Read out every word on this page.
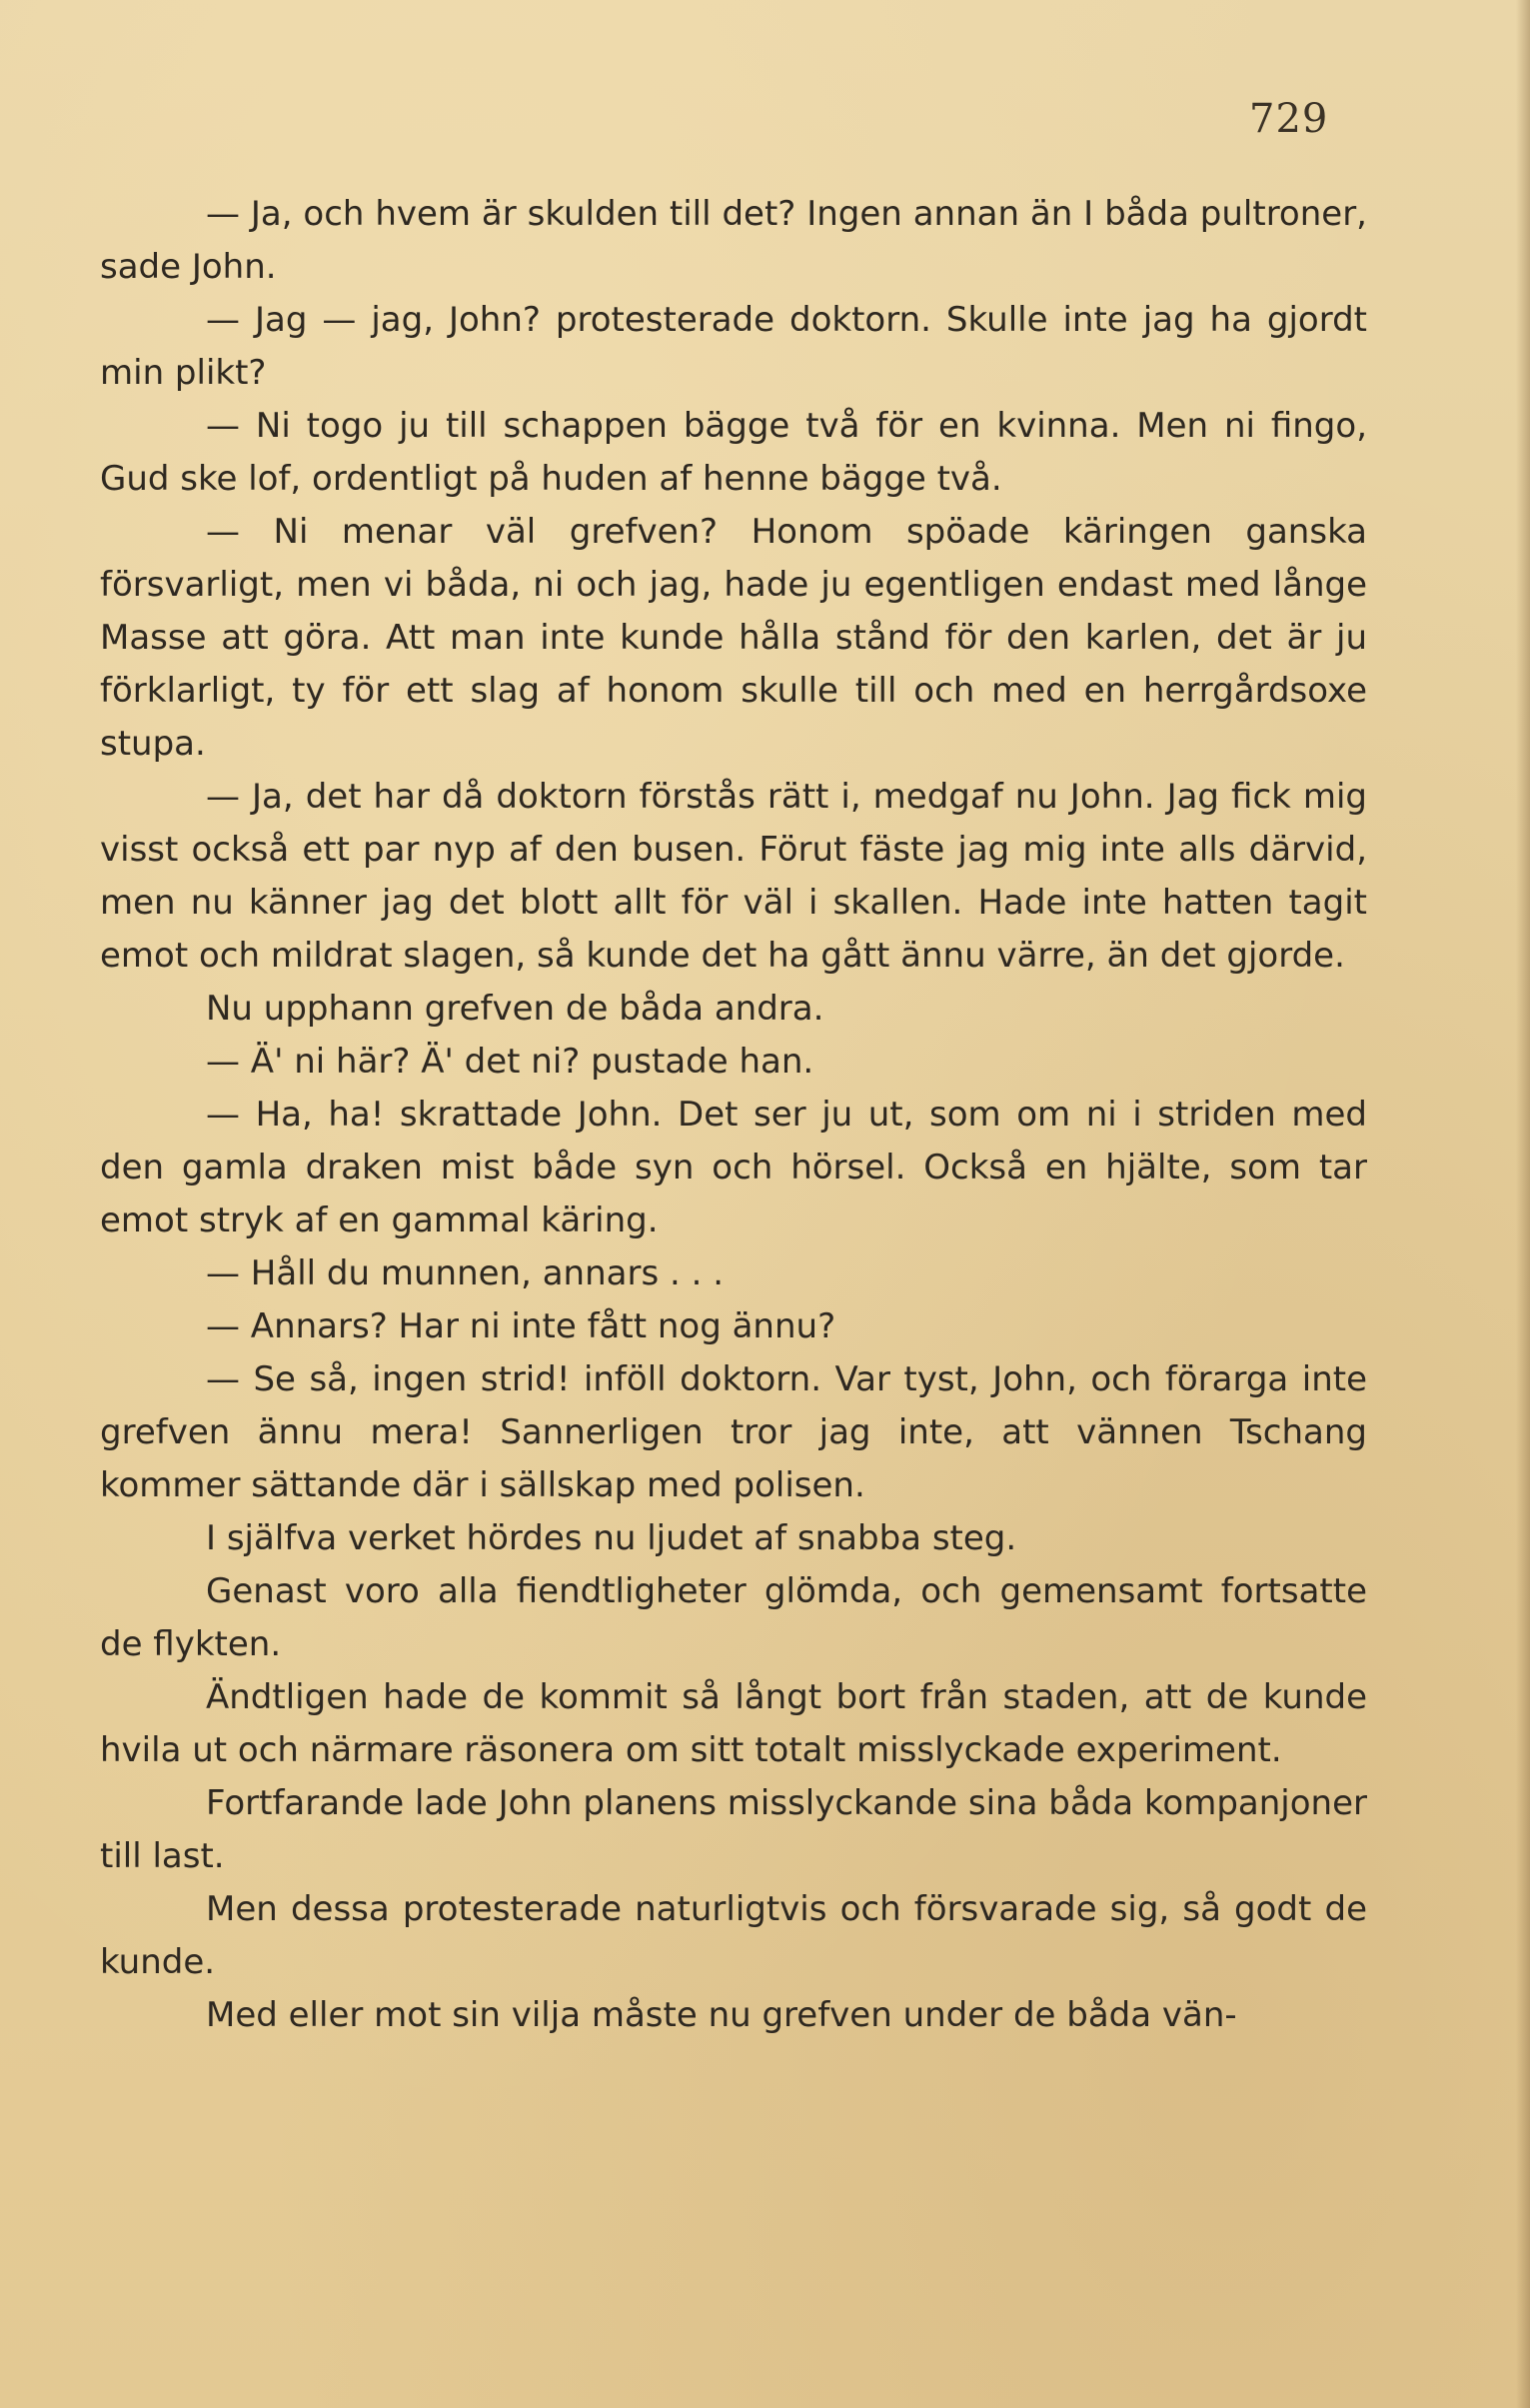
729

— Ja, och hvem är skulden till det? Ingen annan än I båda pultroner, sade John.

— Jag — jag, John? protesterade doktorn. Skulle inte jag ha gjordt min plikt?

— Ni togo ju till schappen bägge två för en kvinna. Men ni fingo, Gud ske lof, ordentligt på huden af henne bägge två.

— Ni menar väl grefven? Honom spöade käringen ganska försvarligt, men vi båda, ni och jag, hade ju egentligen endast med långe Masse att göra. Att man inte kunde hålla stånd för den karlen, det är ju förklarligt, ty för ett slag af honom skulle till och med en herrgårdsoxe stupa.

— Ja, det har då doktorn förstås rätt i, medgaf nu John. Jag fick mig visst också ett par nyp af den busen. Förut fäste jag mig inte alls därvid, men nu känner jag det blott allt för väl i skallen. Hade inte hatten tagit emot och mildrat slagen, så kunde det ha gått ännu värre, än det gjorde.

Nu upphann grefven de båda andra.

— Ä' ni här? Ä' det ni? pustade han.

— Ha, ha! skrattade John. Det ser ju ut, som om ni i striden med den gamla draken mist både syn och hörsel. Också en hjälte, som tar emot stryk af en gammal käring.

— Håll du munnen, annars . . .

— Annars? Har ni inte fått nog ännu?

— Se så, ingen strid! inföll doktorn. Var tyst, John, och förarga inte grefven ännu mera! Sannerligen tror jag inte, att vännen Tschang kommer sättande där i sällskap med polisen.

I själfva verket hördes nu ljudet af snabba steg.

Genast voro alla fiendtligheter glömda, och gemensamt fortsatte de flykten.

Ändtligen hade de kommit så långt bort från staden, att de kunde hvila ut och närmare räsonera om sitt totalt misslyckade experiment.

Fortfarande lade John planens misslyckande sina båda kompanjoner till last.

Men dessa protesterade naturligtvis och försvarade sig, så godt de kunde.

Med eller mot sin vilja måste nu grefven under de båda vän-
